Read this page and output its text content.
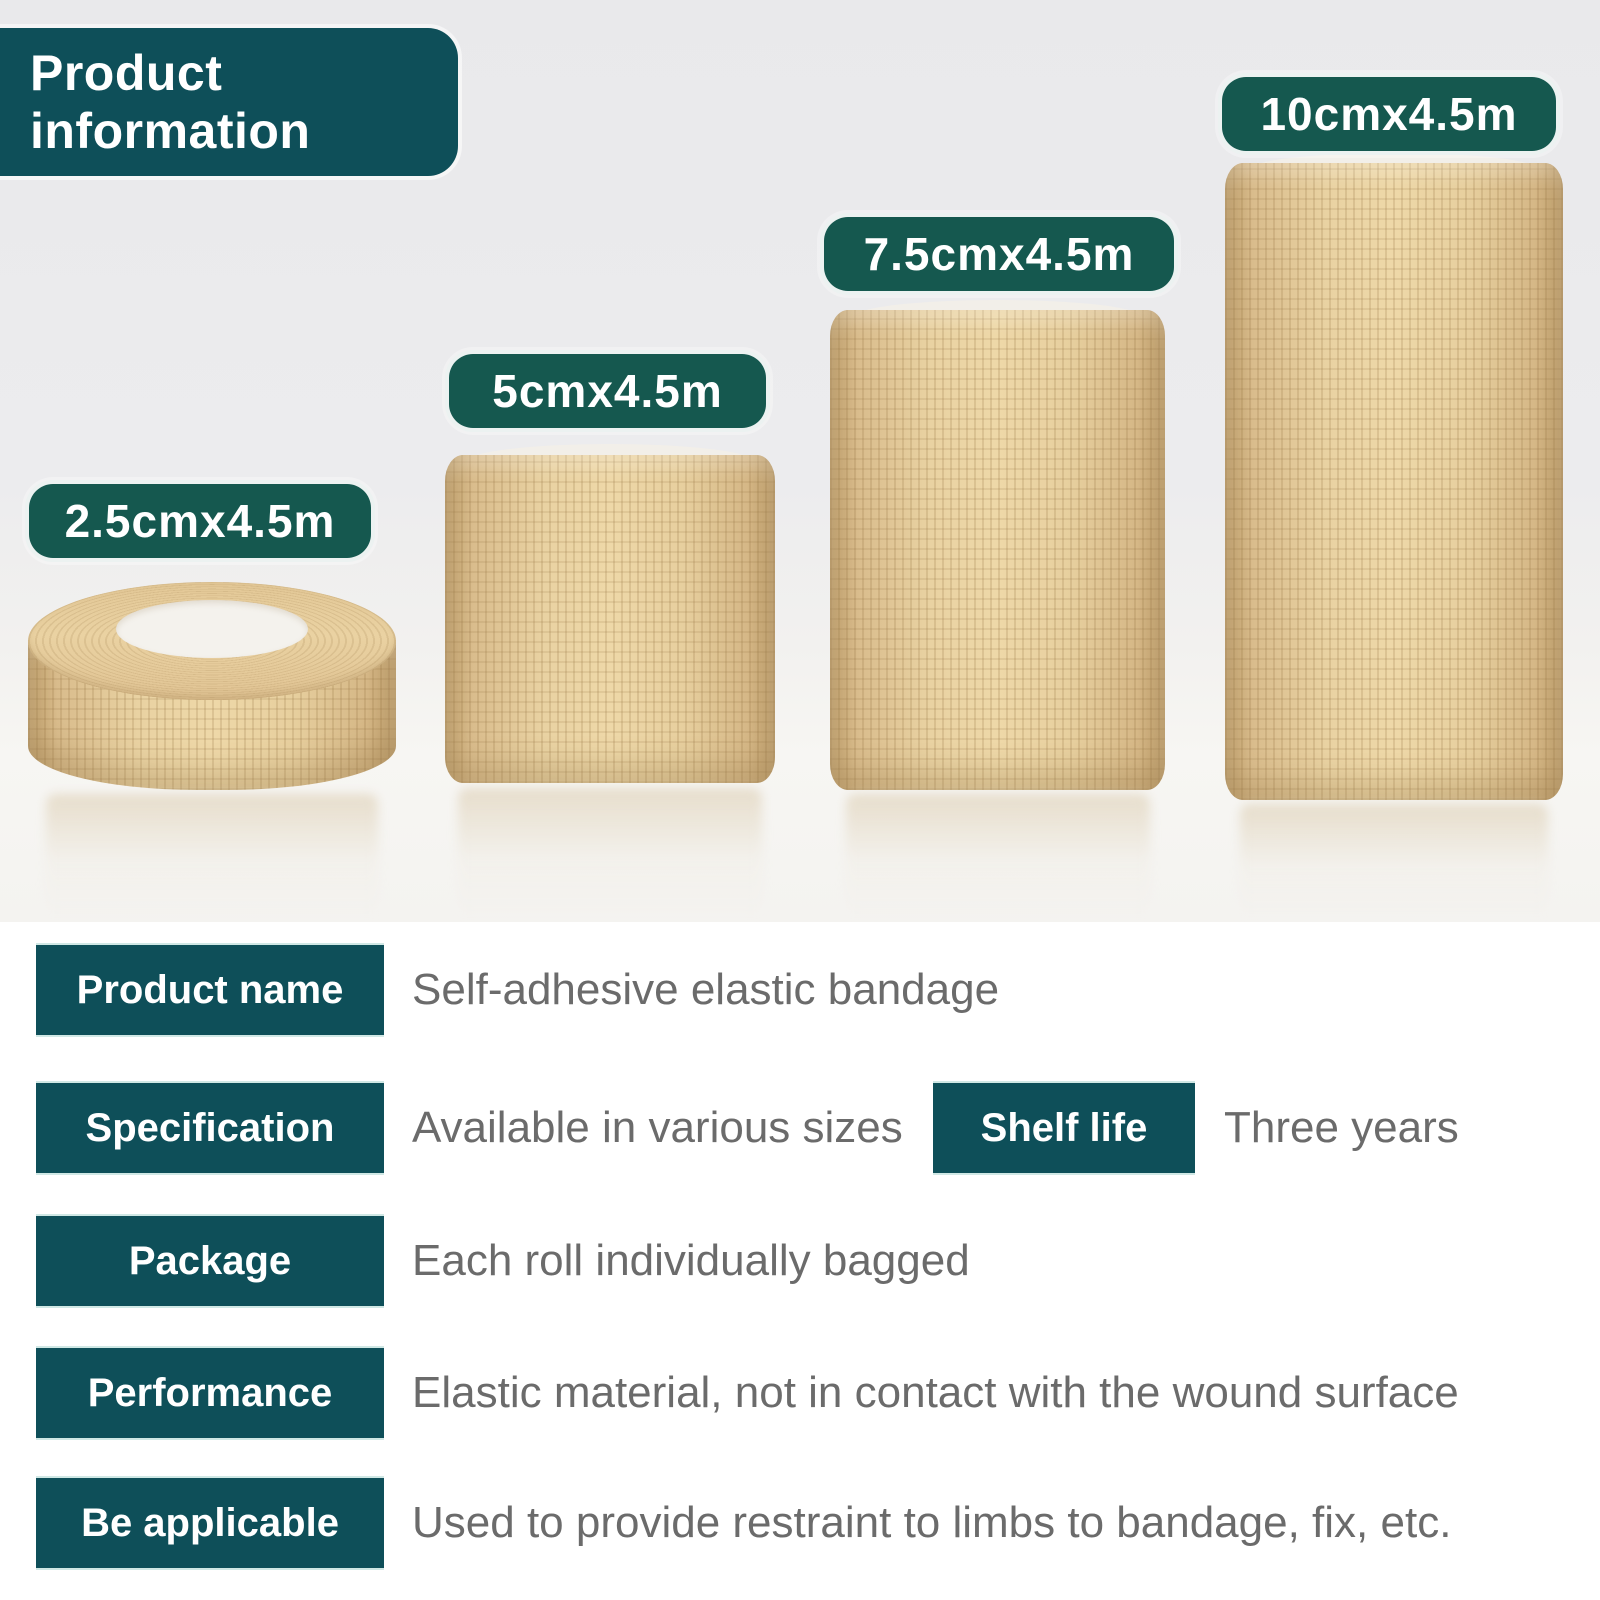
Product information
2.5cmx4.5m
5cmx4.5m
7.5cmx4.5m
10cmx4.5m
Product name Self-adhesive elastic bandage
Specification Available in various sizes Shelf life Three years
Package	Each roll individually bagged
Performance Elastic material, not in contact with the wound surface
Be applicable Used to provide restraint to limbs to bandage, fix, etc.
